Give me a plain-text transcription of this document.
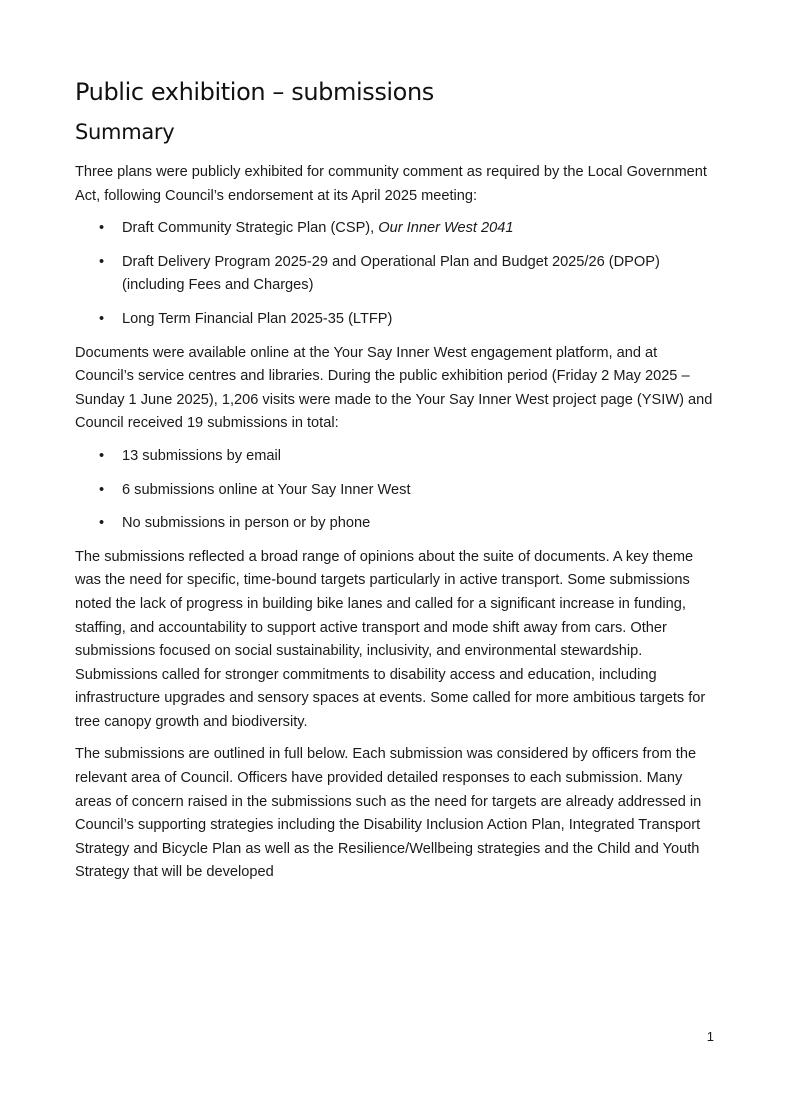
Public exhibition – submissions
Summary

Three plans were publicly exhibited for community comment as required by the Local Government Act, following Council’s endorsement at its April 2025 meeting:

• Draft Community Strategic Plan (CSP), Our Inner West 2041
• Draft Delivery Program 2025-29 and Operational Plan and Budget 2025/26 (DPOP) (including Fees and Charges)
• Long Term Financial Plan 2025-35 (LTFP)

Documents were available online at the Your Say Inner West engagement platform, and at Council’s service centres and libraries. During the public exhibition period (Friday 2 May 2025 – Sunday 1 June 2025), 1,206 visits were made to the Your Say Inner West project page (YSIW) and Council received 19 submissions in total:

• 13 submissions by email
• 6 submissions online at Your Say Inner West
• No submissions in person or by phone

The submissions reflected a broad range of opinions about the suite of documents. A key theme was the need for specific, time-bound targets particularly in active transport. Some submissions noted the lack of progress in building bike lanes and called for a significant increase in funding, staffing, and accountability to support active transport and mode shift away from cars. Other submissions focused on social sustainability, inclusivity, and environmental stewardship. Submissions called for stronger commitments to disability access and education, including infrastructure upgrades and sensory spaces at events. Some called for more ambitious targets for tree canopy growth and biodiversity.

The submissions are outlined in full below. Each submission was considered by officers from the relevant area of Council. Officers have provided detailed responses to each submission. Many areas of concern raised in the submissions such as the need for targets are already addressed in Council’s supporting strategies including the Disability Inclusion Action Plan, Integrated Transport Strategy and Bicycle Plan as well as the Resilience/Wellbeing strategies and the Child and Youth Strategy that will be developed

1
